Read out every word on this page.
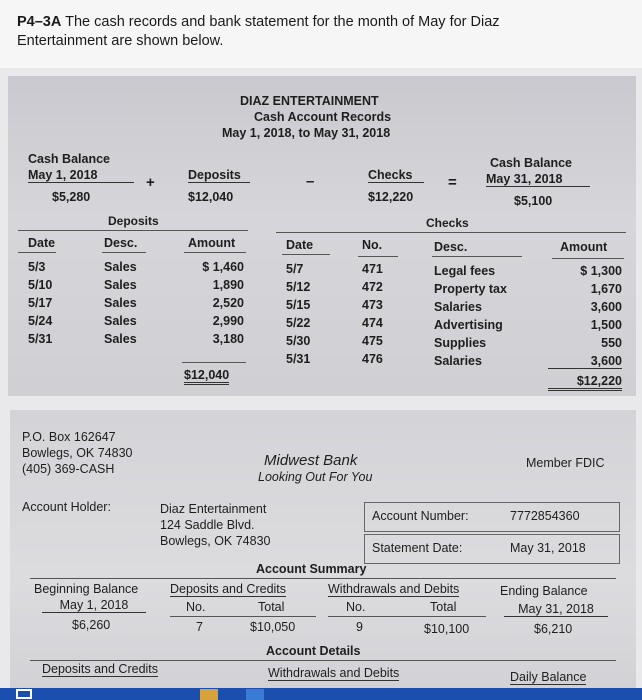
P4–3A The cash records and bank statement for the month of May for Diaz
Entertainment are shown below.
DIAZ ENTERTAINMENT
Cash Account Records
May 1, 2018, to May 31, 2018
Cash Balance
May 1, 2018
$5,280
+	Deposits
$12,040
–	Checks
$12,220
=
Cash Balance
May 31, 2018
$5,100
Deposits	Checks
Date	Desc.	Amount	Date	No.	Desc.	Amount
5/3	Sales	$ 1,460
5/10	Sales	1,890
5/17	Sales	2,520
5/24	Sales	2,990
5/31	Sales	3,180
$12,040
5/7	471	Legal fees	$ 1,300
5/12	472	Property tax	1,670
5/15	473	Salaries	3,600
5/22	474	Advertising	1,500
5/30	475	Supplies	550
5/31	476	Salaries	3,600
$12,220
P.O. Box 162647
Bowlegs, OK 74830
(405) 369-CASH	Midwest Bank
Looking Out For You
Member FDIC
Account Holder:	Diaz Entertainment
124 Saddle Blvd.
Bowlegs, OK 74830
Account Number:	7772854360
Statement Date:	May 31, 2018
Account Summary
Beginning Balance
May 1, 2018
$6,260
Deposits and Credits
No.	Total
7	$10,050
Withdrawals and Debits
No.	Total
9	$10,100
Ending Balance
May 31, 2018
$6,210
Account Details
Deposits and Credits	Withdrawals and Debits	Daily Balance
